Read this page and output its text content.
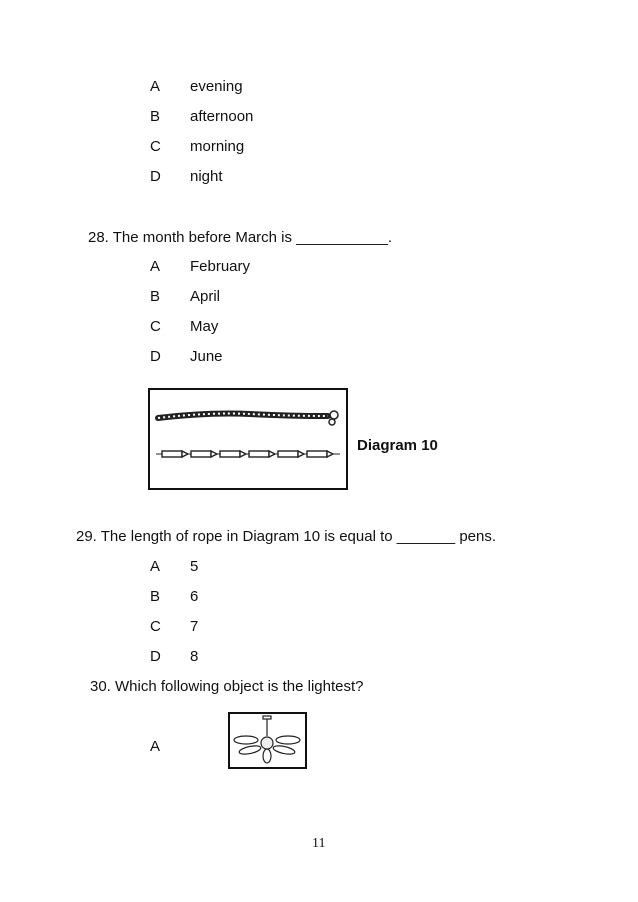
A evening
B afternoon
C morning
D night
28. The month before March is ___________.
A February
B April
C May
D June
Diagram 10
29. The length of rope in Diagram 10 is equal to _______ pens.
A 5
B 6
C 7
D 8
30. Which following object is the lightest?
A
11
